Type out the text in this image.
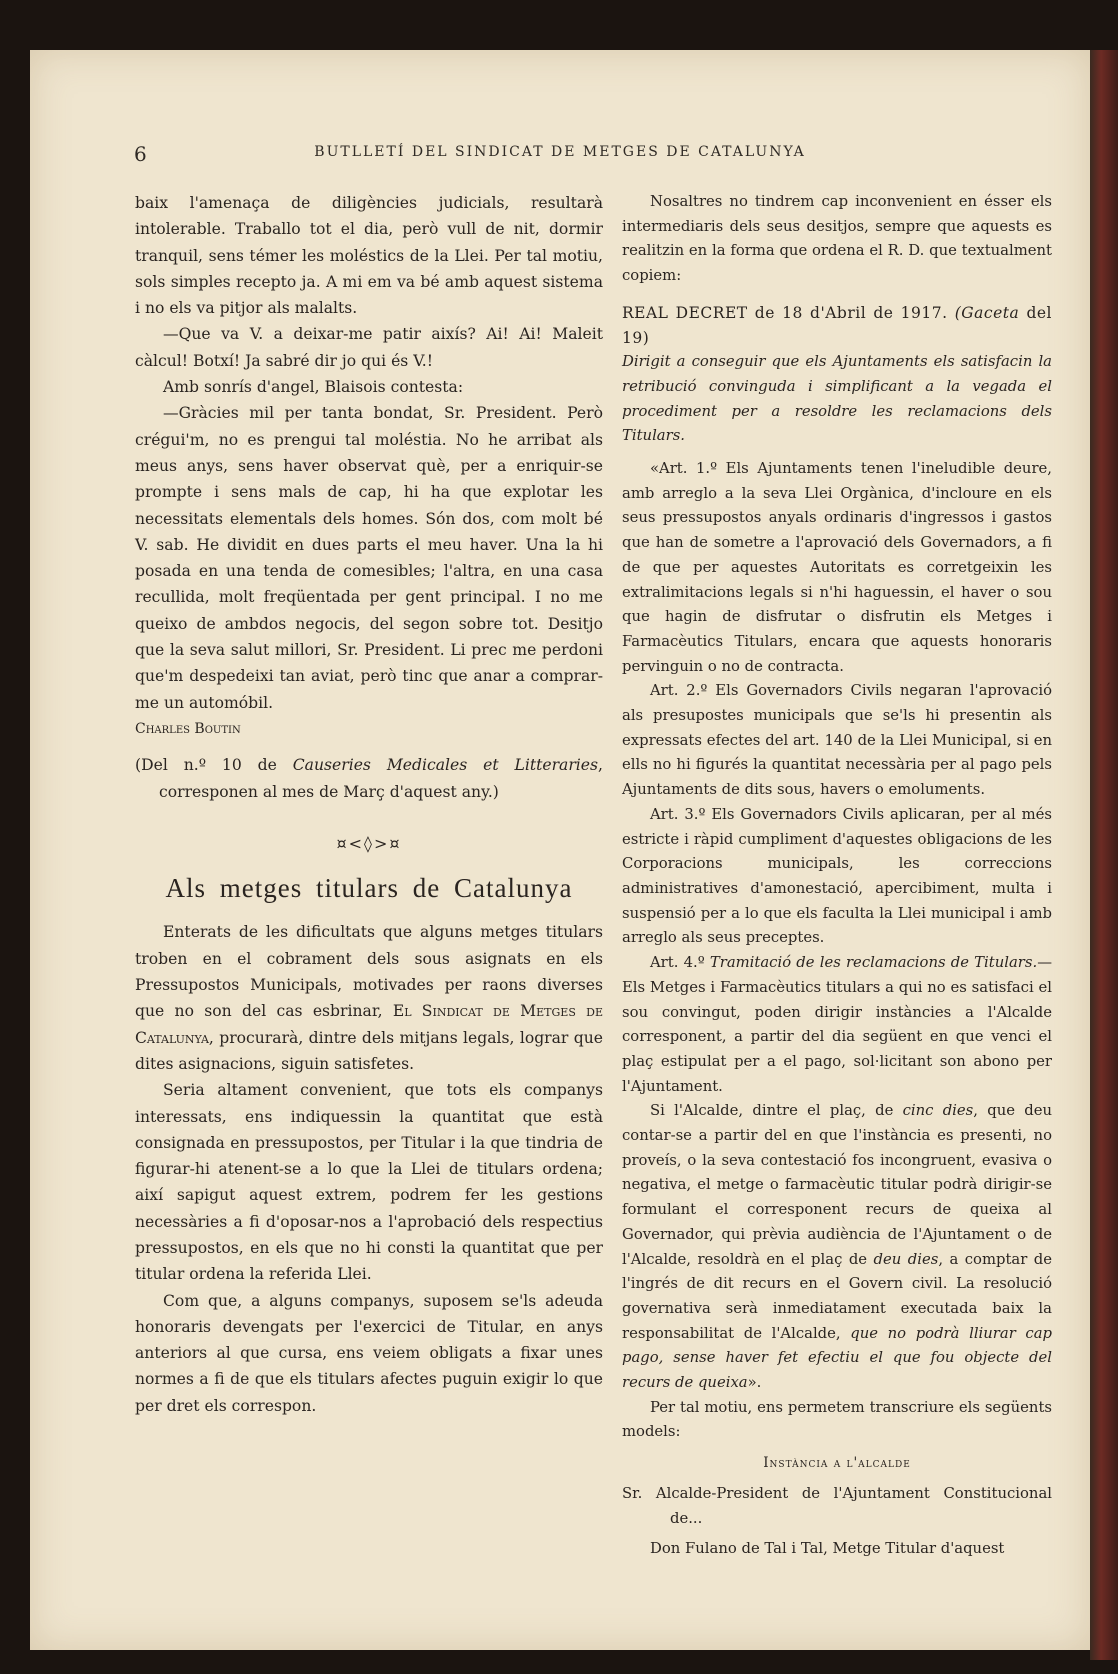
6	BUTLLETÍ DEL SINDICAT DE METGES DE CATALUNYA

baix l'amenaça de diligències judicials, resultarà intolerable. Traballo tot el dia, però vull de nit, dormir tranquil, sens témer les moléstics de la Llei. Per tal motiu, sols simples recepto ja. A mi em va bé amb aquest sistema i no els va pitjor als malalts.

—Que va V. a deixar-me patir aixís? Ai! Ai! Maleit càlcul! Botxí! Ja sabré dir jo qui és V.!

Amb sonrís d'angel, Blaisois contesta:

—Gràcies mil per tanta bondat, Sr. President. Però crégui'm, no es prengui tal moléstia. No he arribat als meus anys, sens haver observat què, per a enriquir-se prompte i sens mals de cap, hi ha que explotar les necessitats elementals dels homes. Són dos, com molt bé V. sab. He dividit en dues parts el meu haver. Una la hi posada en una tenda de comesibles; l'altra, en una casa recullida, molt freqüentada per gent principal. I no me queixo de ambdos negocis, del segon sobre tot. Desitjo que la seva salut millori, Sr. President. Li prec me perdoni que'm despedeixi tan aviat, però tinc que anar a comprar-me un automóbil.

Charles Boutin

(Del n.º 10 de Causeries Medicales et Litteraries, corresponen al mes de Març d'aquest any.)

¤<◊>¤
Als metges titulars de Catalunya

Enterats de les dificultats que alguns metges titulars troben en el cobrament dels sous asignats en els Pressupostos Municipals, motivades per raons diverses que no son del cas esbrinar, El Sindicat de Metges de Catalunya, procurarà, dintre dels mitjans legals, lograr que dites asignacions, siguin satisfetes.

Seria altament convenient, que tots els companys interessats, ens indiquessin la quantitat que està consignada en pressupostos, per Titular i la que tindria de figurar-hi atenent-se a lo que la Llei de titulars ordena; així sapigut aquest extrem, podrem fer les gestions necessàries a fi d'oposar-nos a l'aprobació dels respectius pressupostos, en els que no hi consti la quantitat que per titular ordena la referida Llei.

Com que, a alguns companys, suposem se'ls adeuda honoraris devengats per l'exercici de Titular, en anys anteriors al que cursa, ens veiem obligats a fixar unes normes a fi de que els titulars afectes puguin exigir lo que per dret els correspon.

Nosaltres no tindrem cap inconvenient en ésser els intermediaris dels seus desitjos, sempre que aquests es realitzin en la forma que ordena el R. D. que textualment copiem:

REAL DECRET de 18 d'Abril de 1917. (Gaceta del 19)

Dirigit a conseguir que els Ajuntaments els satisfacin la retribució convinguda i simplificant a la vegada el procediment per a resoldre les reclamacions dels Titulars.

«Art. 1.º Els Ajuntaments tenen l'ineludible deure, amb arreglo a la seva Llei Orgànica, d'incloure en els seus pressupostos anyals ordinaris d'ingressos i gastos que han de sometre a l'aprovació dels Governadors, a fi de que per aquestes Autoritats es corretgeixin les extralimitacions legals si n'hi haguessin, el haver o sou que hagin de disfrutar o disfrutin els Metges i Farmacèutics Titulars, encara que aquests honoraris pervinguin o no de contracta.

Art. 2.º Els Governadors Civils negaran l'aprovació als presupostes municipals que se'ls hi presentin als expressats efectes del art. 140 de la Llei Municipal, si en ells no hi figurés la quantitat necessària per al pago pels Ajuntaments de dits sous, havers o emoluments.

Art. 3.º Els Governadors Civils aplicaran, per al més estricte i ràpid cumpliment d'aquestes obligacions de les Corporacions municipals, les correccions administratives d'amonestació, apercibiment, multa i suspensió per a lo que els faculta la Llei municipal i amb arreglo als seus preceptes.

Art. 4.º Tramitació de les reclamacions de Titulars.—Els Metges i Farmacèutics titulars a qui no es satisfaci el sou convingut, poden dirigir instàncies a l'Alcalde corresponent, a partir del dia següent en que venci el plaç estipulat per a el pago, sol·licitant son abono per l'Ajuntament.

Si l'Alcalde, dintre el plaç, de cinc dies, que deu contar-se a partir del en que l'instància es presenti, no proveís, o la seva contestació fos incongruent, evasiva o negativa, el metge o farmacèutic titular podrà dirigir-se formulant el corresponent recurs de queixa al Governador, qui prèvia audiència de l'Ajuntament o de l'Alcalde, resoldrà en el plaç de deu dies, a comptar de l'ingrés de dit recurs en el Govern civil. La resolució governativa serà inmediatament executada baix la responsabilitat de l'Alcalde, que no podrà lliurar cap pago, sense haver fet efectiu el que fou objecte del recurs de queixa».

Per tal motiu, ens permetem transcriure els següents models:

Instància a l'alcalde

Sr. Alcalde-President de l'Ajuntament Constitucional de...

Don Fulano de Tal i Tal, Metge Titular d'aquest
